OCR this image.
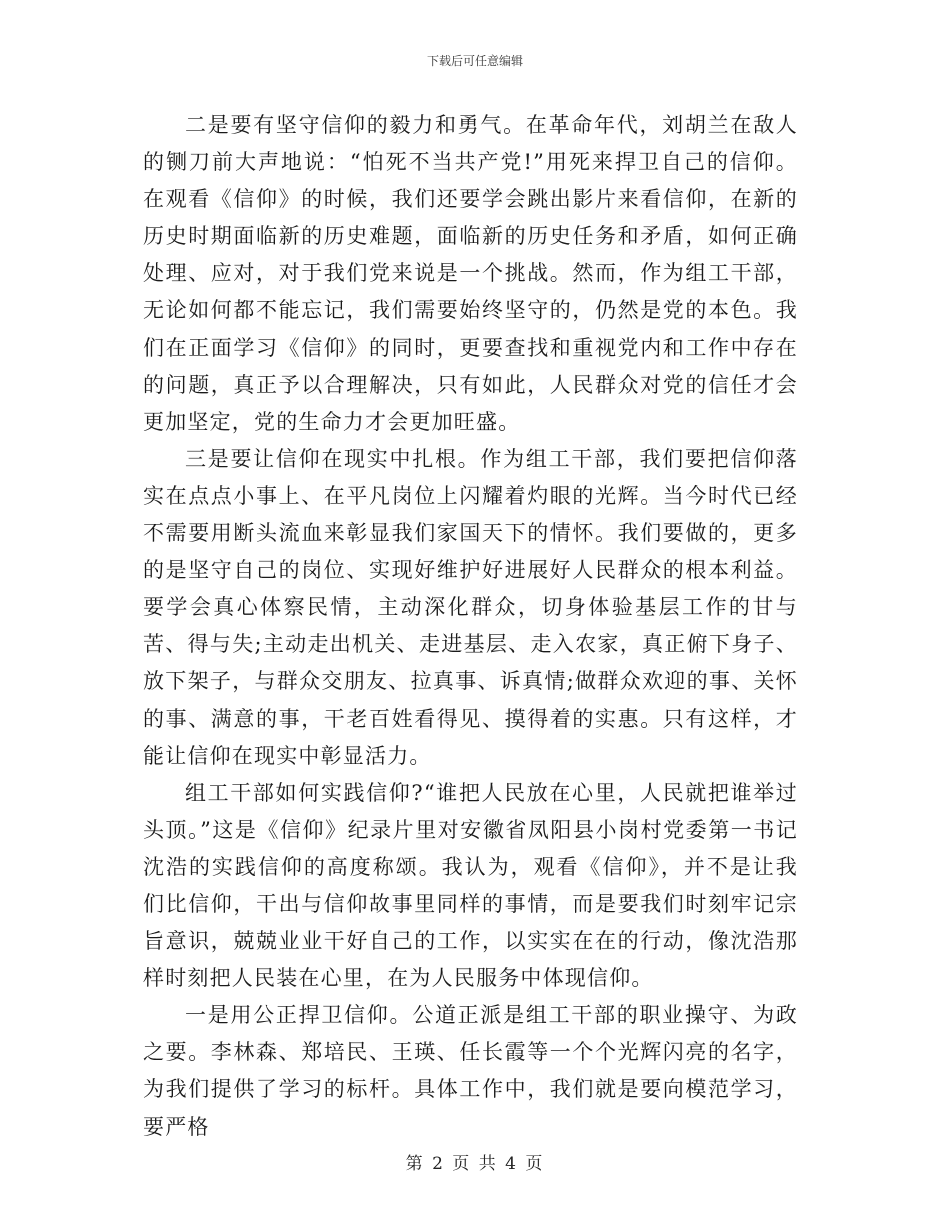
下载后可任意编辑

二是要有坚守信仰的毅力和勇气。在革命年代，刘胡兰在敌人的铡刀前大声地说：“怕死不当共产党!”用死来捍卫自己的信仰。在观看《信仰》的时候，我们还要学会跳出影片来看信仰，在新的历史时期面临新的历史难题，面临新的历史任务和矛盾，如何正确处理、应对，对于我们党来说是一个挑战。然而，作为组工干部，无论如何都不能忘记，我们需要始终坚守的，仍然是党的本色。我们在正面学习《信仰》的同时，更要查找和重视党内和工作中存在的问题，真正予以合理解决，只有如此，人民群众对党的信任才会更加坚定，党的生命力才会更加旺盛。

三是要让信仰在现实中扎根。作为组工干部，我们要把信仰落实在点点小事上、在平凡岗位上闪耀着灼眼的光辉。当今时代已经不需要用断头流血来彰显我们家国天下的情怀。我们要做的，更多的是坚守自己的岗位、实现好维护好进展好人民群众的根本利益。要学会真心体察民情，主动深化群众，切身体验基层工作的甘与苦、得与失;主动走出机关、走进基层、走入农家，真正俯下身子、放下架子，与群众交朋友、拉真事、诉真情;做群众欢迎的事、关怀的事、满意的事，干老百姓看得见、摸得着的实惠。只有这样，才能让信仰在现实中彰显活力。

组工干部如何实践信仰?“谁把人民放在心里，人民就把谁举过头顶。”这是《信仰》纪录片里对安徽省凤阳县小岗村党委第一书记沈浩的实践信仰的高度称颂。我认为，观看《信仰》，并不是让我们比信仰，干出与信仰故事里同样的事情，而是要我们时刻牢记宗旨意识，兢兢业业干好自己的工作，以实实在在的行动，像沈浩那样时刻把人民装在心里，在为人民服务中体现信仰。

一是用公正捍卫信仰。公道正派是组工干部的职业操守、为政之要。李林森、郑培民、王瑛、任长霞等一个个光辉闪亮的名字，为我们提供了学习的标杆。具体工作中，我们就是要向模范学习，要严格

第 2 页 共 4 页
